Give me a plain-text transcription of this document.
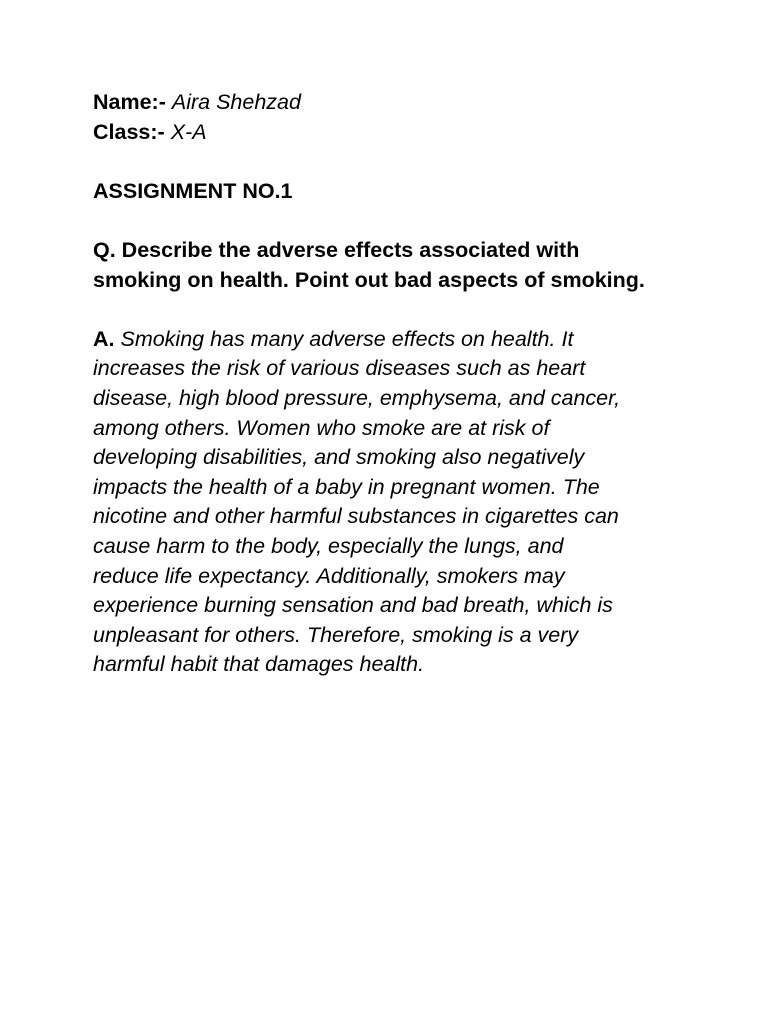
Name:- Aira Shehzad
Class:- X-A
ASSIGNMENT NO.1
Q. Describe the adverse effects associated with
smoking on health. Point out bad aspects of smoking.
A. Smoking has many adverse effects on health. It
increases the risk of various diseases such as heart
disease, high blood pressure, emphysema, and cancer,
among others. Women who smoke are at risk of
developing disabilities, and smoking also negatively
impacts the health of a baby in pregnant women. The
nicotine and other harmful substances in cigarettes can
cause harm to the body, especially the lungs, and
reduce life expectancy. Additionally, smokers may
experience burning sensation and bad breath, which is
unpleasant for others. Therefore, smoking is a very
harmful habit that damages health.
